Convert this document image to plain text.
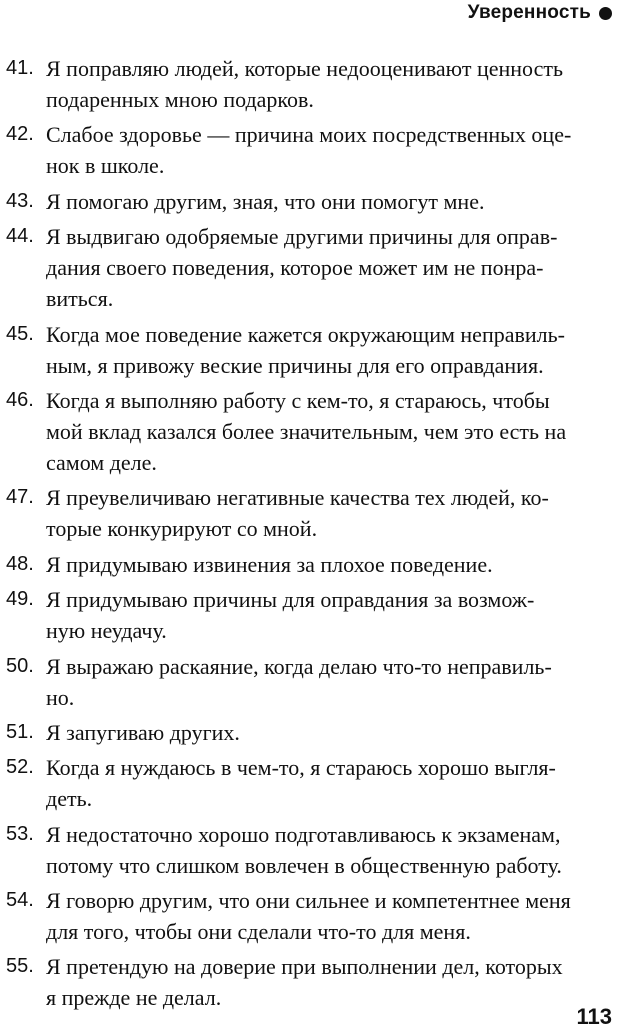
Уверенность
41. Я поправляю людей, которые недооценивают ценность
подаренных мною подарков.
42. Слабое здоровье — причина моих посредственных оце-
нок в школе.
43. Я помогаю другим, зная, что они помогут мне.
44. Я выдвигаю одобряемые другими причины для оправ-
дания своего поведения, которое может им не понра-
виться.
45. Когда мое поведение кажется окружающим неправиль-
ным, я привожу веские причины для его оправдания.
46. Когда я выполняю работу с кем-то, я стараюсь, чтобы
мой вклад казался более значительным, чем это есть на
самом деле.
47. Я преувеличиваю негативные качества тех людей, ко-
торые конкурируют со мной.
48. Я придумываю извинения за плохое поведение.
49. Я придумываю причины для оправдания за возмож-
ную неудачу.
50. Я выражаю раскаяние, когда делаю что-то неправиль-
но.
51. Я запугиваю других.
52. Когда я нуждаюсь в чем-то, я стараюсь хорошо выгля-
деть.
53. Я недостаточно хорошо подготавливаюсь к экзаменам,
потому что слишком вовлечен в общественную работу.
54. Я говорю другим, что они сильнее и компетентнее меня
для того, чтобы они сделали что-то для меня.
55. Я претендую на доверие при выполнении дел, которых
я прежде не делал.
113
